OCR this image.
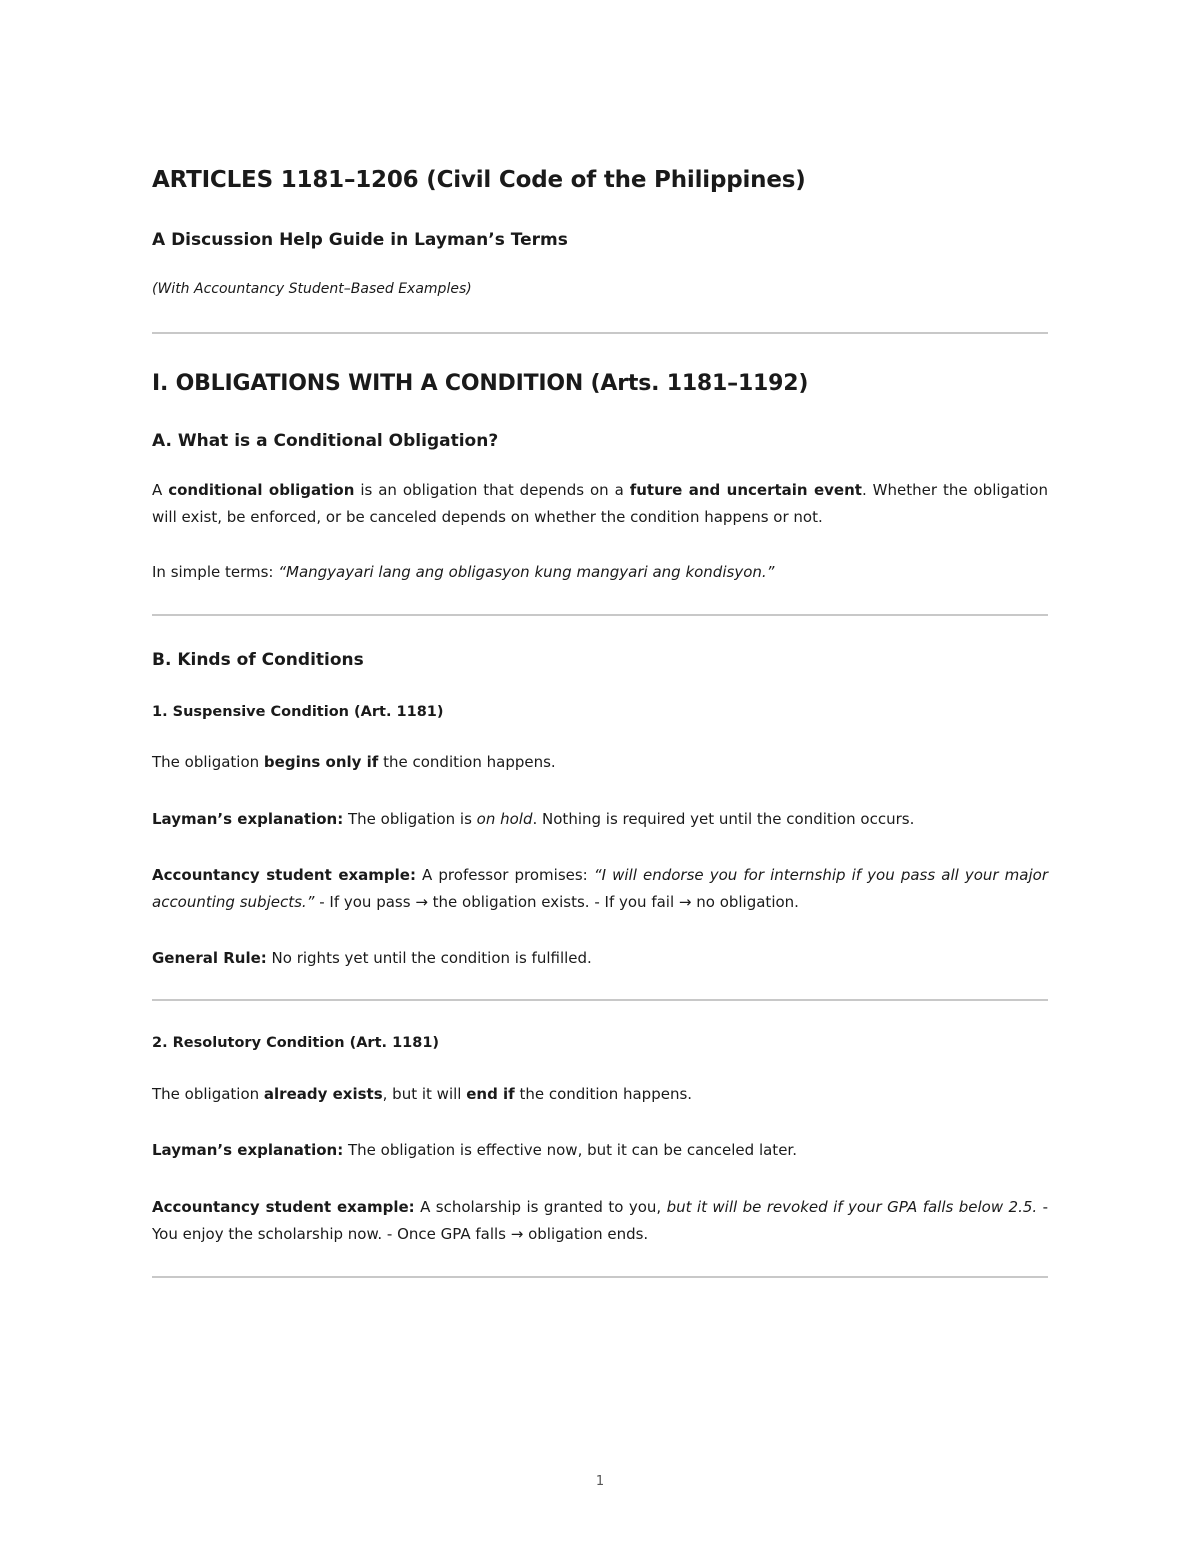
ARTICLES 1181–1206 (Civil Code of the Philippines)
A Discussion Help Guide in Layman’s Terms

(With Accountancy Student–Based Examples)

I. OBLIGATIONS WITH A CONDITION (Arts. 1181–1192)
A. What is a Conditional Obligation?

A conditional obligation is an obligation that depends on a future and uncertain event. Whether the obligation will exist, be enforced, or be canceled depends on whether the condition happens or not.

In simple terms: “Mangyayari lang ang obligasyon kung mangyari ang kondisyon.”

B. Kinds of Conditions
1. Suspensive Condition (Art. 1181)

The obligation begins only if the condition happens.

Layman’s explanation: The obligation is on hold. Nothing is required yet until the condition occurs.

Accountancy student example: A professor promises: “I will endorse you for internship if you pass all your major accounting subjects.” - If you pass → the obligation exists. - If you fail → no obligation.

General Rule: No rights yet until the condition is fulfilled.

2. Resolutory Condition (Art. 1181)

The obligation already exists, but it will end if the condition happens.

Layman’s explanation: The obligation is effective now, but it can be canceled later.

Accountancy student example: A scholarship is granted to you, but it will be revoked if your GPA falls below 2.5. - You enjoy the scholarship now. - Once GPA falls → obligation ends.

1
